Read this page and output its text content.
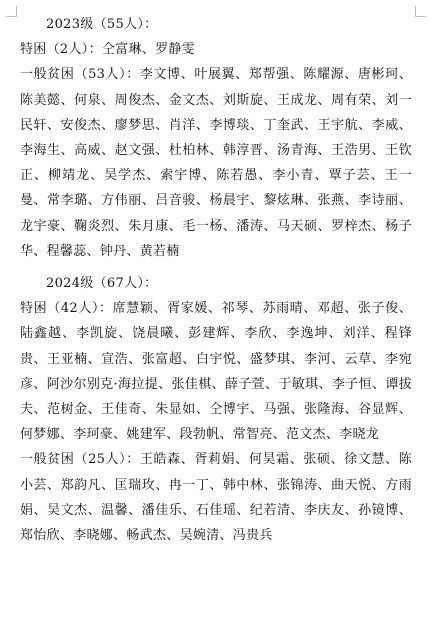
2023级（55人）：
特困（2人）：仝富琳、罗静雯
一般贫困（53人）：李文博、叶展翼、郑帮强、陈耀源、唐彬珂、陈美懿、何泉、周俊杰、金文杰、刘斯旋、王成龙、周有荣、刘一民轩、安俊杰、廖梦思、肖洋、李博琰、丁奎武、王宇航、李威、李海生、高威、赵文强、杜柏林、韩淳晋、汤青海、王浩男、王钦正、柳靖龙、吴学杰、索宇博、陈若愚、李小青、覃子芸、王一曼、常李璐、方伟丽、吕音骏、杨晨宇、黎炫琳、张燕、李诗丽、龙宇豪、鞠炎烈、朱月康、毛一杨、潘涛、马天硕、罗梓杰、杨子华、程馨蕊、钟丹、黄若楠
2024级（67人）：
特困（42人）：席慧颖、胥家媛、祁琴、苏雨晴、邓超、张子俊、陆鑫越、李凯旋、饶晨曦、彭建辉、李欣、李逸坤、刘洋、程锋贵、王亚楠、宣浩、张富超、白宇悦、盛梦琪、李河、云草、李宛彦、阿沙尔别克·海拉提、张佳棋、薛子萱、于敏琪、李子恒、谭拔夫、范树金、王佳奇、朱显如、仝博宇、马强、张隆海、谷显辉、何梦娜、李珂豪、姚建军、段勃帆、常智亮、范文杰、李晓龙
一般贫困（25人）：王皓森、胥莉娟、何昊霜、张硕、徐文慧、陈小芸、郑韵凡、匡瑞玫、冉一丁、韩中林、张锦涛、曲天悦、方雨娟、吴文杰、温馨、潘佳乐、石佳瑶、纪若清、李庆友、孙镜博、郑怡欣、李晓娜、畅武杰、吴婉清、冯贵兵
